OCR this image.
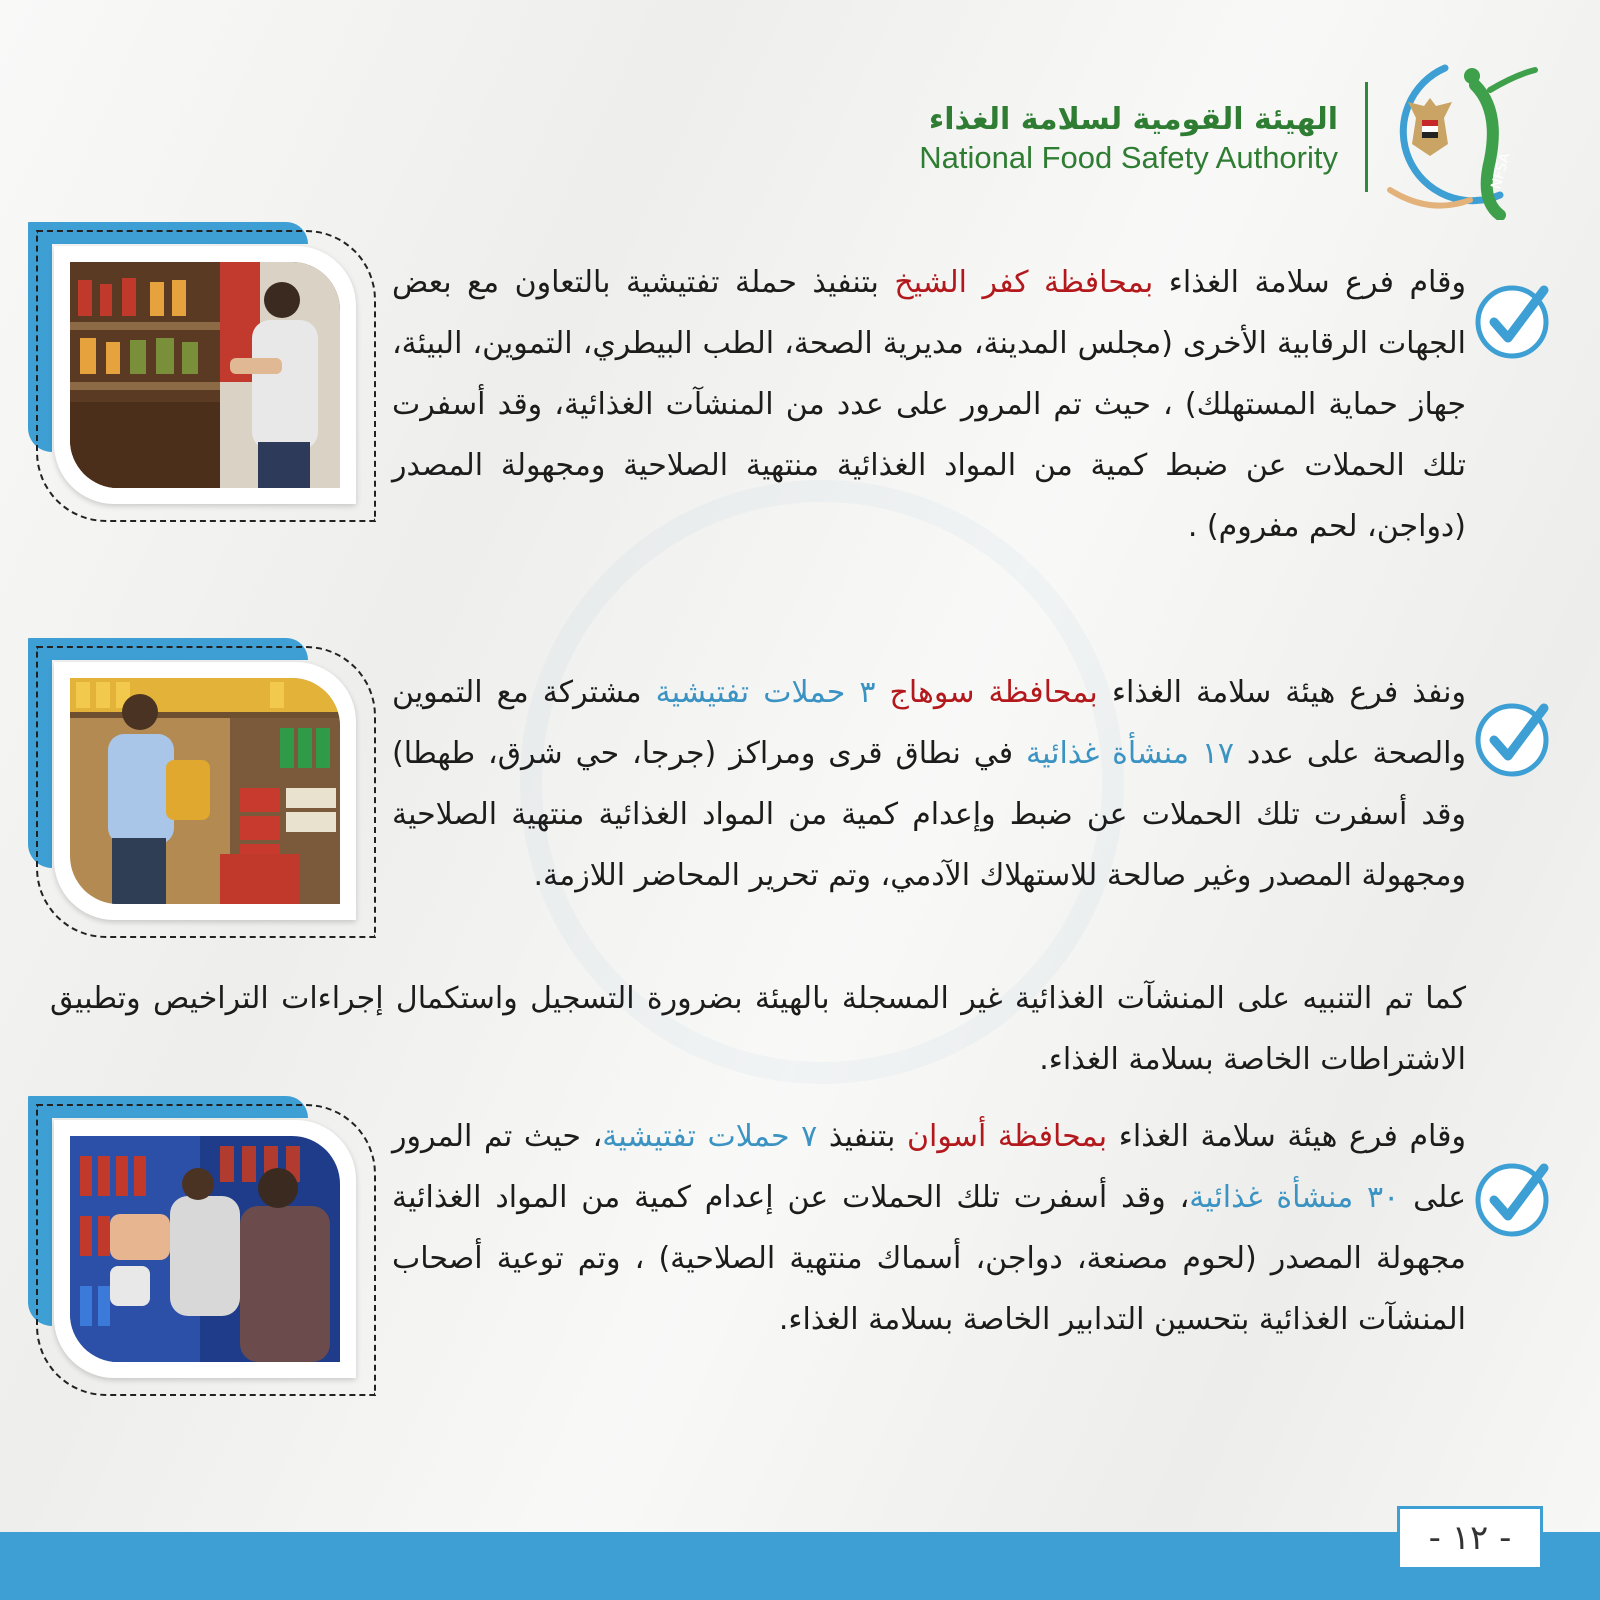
NFSA
الهيئة القومية لسلامة الغذاء
National Food Safety Authority
وقام فرع سلامة الغذاء بمحافظة كفر الشيخ بتنفيذ حملة تفتيشية بالتعاون مع بعض الجهات الرقابية الأخرى (مجلس المدينة، مديرية الصحة، الطب البيطري، التموين، البيئة، جهاز حماية المستهلك) ، حيث تم المرور على عدد من المنشآت الغذائية، وقد أسفرت تلك الحملات عن ضبط كمية من المواد الغذائية منتهية الصلاحية ومجهولة المصدر (دواجن، لحم مفروم) .
ونفذ فرع هيئة سلامة الغذاء بمحافظة سوهاج ٣ حملات تفتيشية مشتركة مع التموين والصحة على عدد ١٧ منشأة غذائية في نطاق قرى ومراكز (جرجا، حي شرق، طهطا) وقد أسفرت تلك الحملات عن ضبط وإعدام كمية من المواد الغذائية منتهية الصلاحية ومجهولة المصدر وغير صالحة للاستهلاك الآدمي، وتم تحرير المحاضر اللازمة.
كما تم التنبيه على المنشآت الغذائية غير المسجلة بالهيئة بضرورة التسجيل واستكمال إجراءات التراخيص وتطبيق الاشتراطات الخاصة بسلامة الغذاء.
وقام فرع هيئة سلامة الغذاء بمحافظة أسوان بتنفيذ ٧ حملات تفتيشية، حيث تم المرور على ٣٠ منشأة غذائية، وقد أسفرت تلك الحملات عن إعدام كمية من المواد الغذائية مجهولة المصدر (لحوم مصنعة، دواجن، أسماك منتهية الصلاحية) ، وتم توعية أصحاب المنشآت الغذائية بتحسين التدابير الخاصة بسلامة الغذاء.
- ١٢ -
